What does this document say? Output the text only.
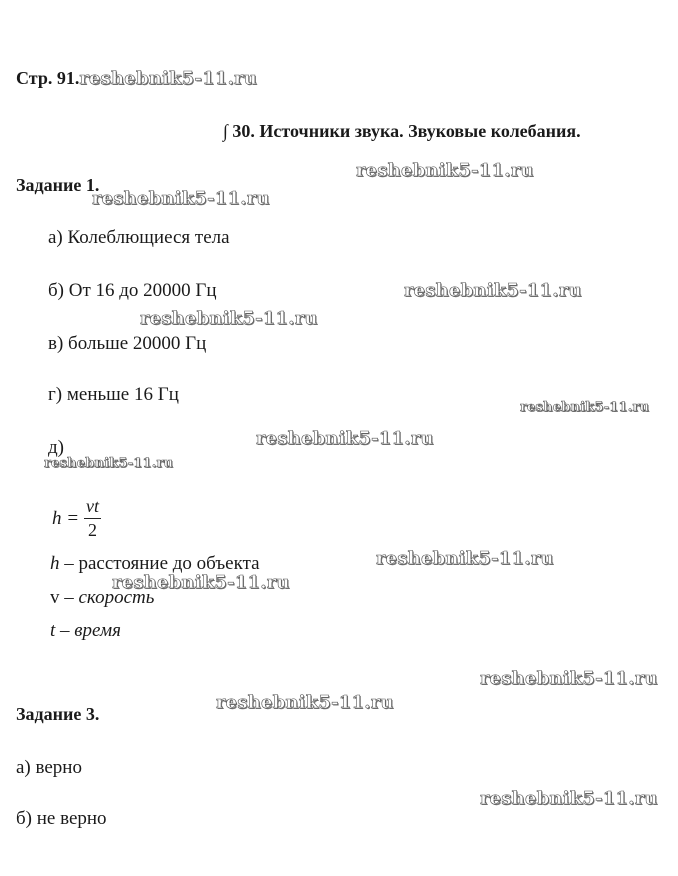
Стр. 91.reshebnik5-11.ru
∫ 30. Источники звука. Звуковые колебания.
Задание 1.
а) Колеблющиеся тела
б) От 16 до 20000 Гц
в) больше 20000 Гц
г) меньше 16 Гц
д)
h =
vt
2
h – расстояние до объекта
v – скорость
t – время
Задание 3.
а) верно
б) не верно
reshebnik5-11.ru
reshebnik5-11.ru
reshebnik5-11.ru
reshebnik5-11.ru
reshebnik5-11.ru
reshebnik5-11.ru
reshebnik5-11.ru
reshebnik5-11.ru
reshebnik5-11.ru
reshebnik5-11.ru
reshebnik5-11.ru
reshebnik5-11.ru
